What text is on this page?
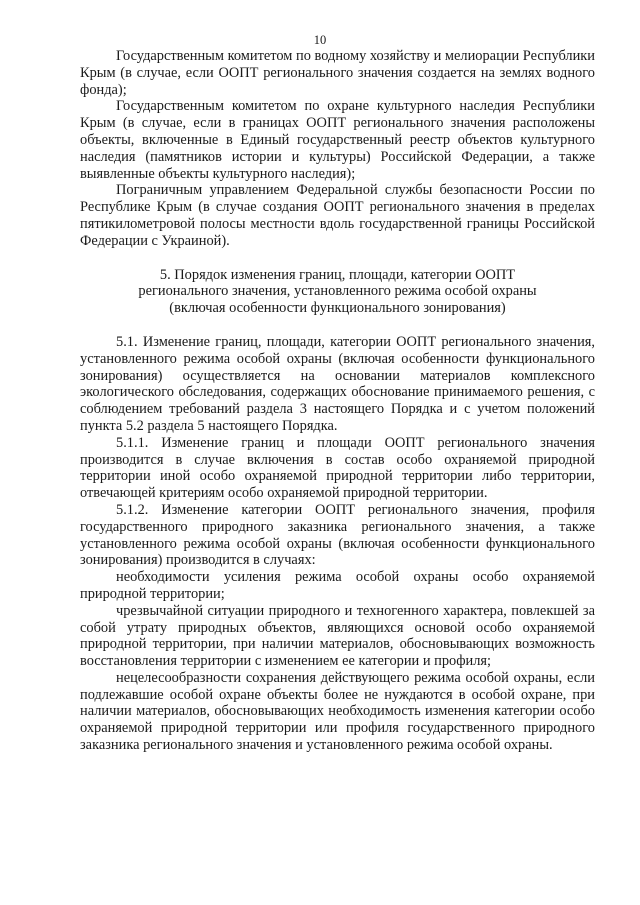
10

Государственным комитетом по водному хозяйству и мелиорации Республики Крым (в случае, если ООПТ регионального значения создается на землях водного фонда);

Государственным комитетом по охране культурного наследия Республики Крым (в случае, если в границах ООПТ регионального значения расположены объекты, включенные в Единый государственный реестр объектов культурного наследия (памятников истории и культуры) Российской Федерации, а также выявленные объекты культурного наследия);

Пограничным управлением Федеральной службы безопасности России по Республике Крым (в случае создания ООПТ регионального значения в пределах пятикилометровой полосы местности вдоль государственной границы Российской Федерации с Украиной).

5. Порядок изменения границ, площади, категории ООПТ

регионального значения, установленного режима особой охраны

(включая особенности функционального зонирования)

5.1. Изменение границ, площади, категории ООПТ регионального значения, установленного режима особой охраны (включая особенности функционального зонирования) осуществляется на основании материалов комплексного экологического обследования, содержащих обоснование принимаемого решения, с соблюдением требований раздела 3 настоящего Порядка и с учетом положений пункта 5.2 раздела 5 настоящего Порядка.

5.1.1. Изменение границ и площади ООПТ регионального значения производится в случае включения в состав особо охраняемой природной территории иной особо охраняемой природной территории либо территории, отвечающей критериям особо охраняемой природной территории.

5.1.2. Изменение категории ООПТ регионального значения, профиля государственного природного заказника регионального значения, а также установленного режима особой охраны (включая особенности функционального зонирования) производится в случаях:

необходимости усиления режима особой охраны особо охраняемой природной территории;

чрезвычайной ситуации природного и техногенного характера, повлекшей за собой утрату природных объектов, являющихся основой особо охраняемой природной территории, при наличии материалов, обосновывающих возможность восстановления территории с изменением ее категории и профиля;

нецелесообразности сохранения действующего режима особой охраны, если подлежавшие особой охране объекты более не нуждаются в особой охране, при наличии материалов, обосновывающих необходимость изменения категории особо охраняемой природной территории или профиля государственного природного заказника регионального значения и установленного режима особой охраны.
